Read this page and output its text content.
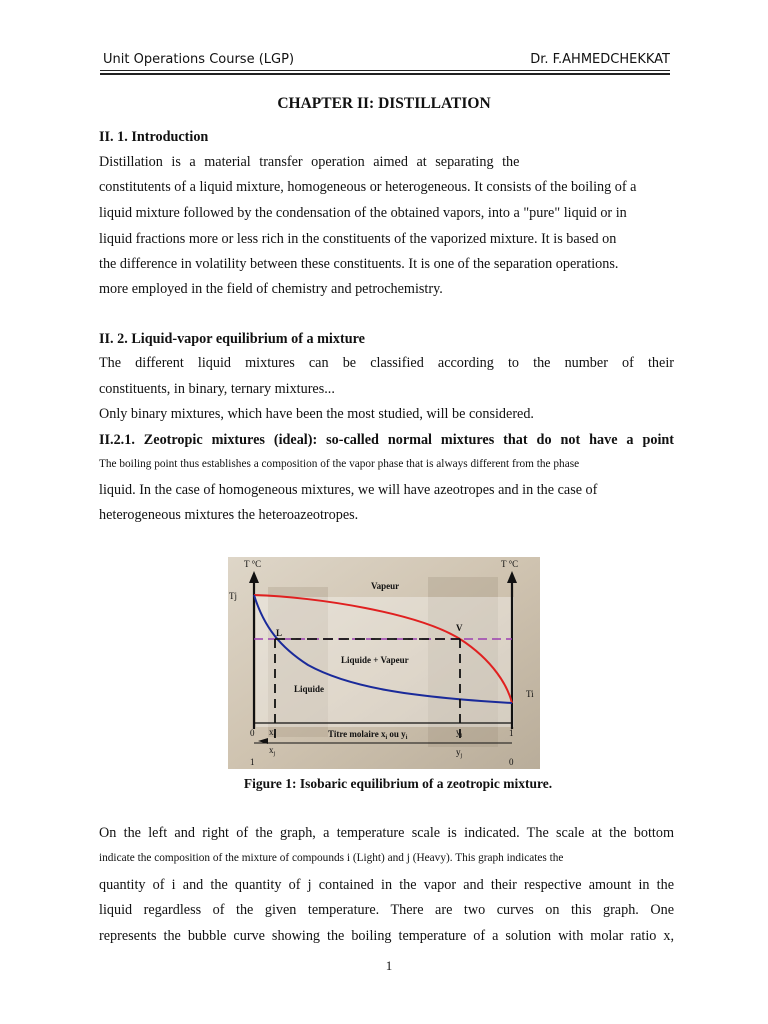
Unit Operations Course (LGP)	Dr. F.AHMEDCHEKKAT
CHAPTER II: DISTILLATION
II. 1. Introduction
Distillation is a material transfer operation aimed at separating the
constitutents of a liquid mixture, homogeneous or heterogeneous. It consists of the boiling of a
liquid mixture followed by the condensation of the obtained vapors, into a "pure" liquid or in
liquid fractions more or less rich in the constituents of the vaporized mixture. It is based on
the difference in volatility between these constituents. It is one of the separation operations.
more employed in the field of chemistry and petrochemistry.
II. 2. Liquid-vapor equilibrium of a mixture
The different liquid mixtures can be classified according to the number of their
constituents, in binary, ternary mixtures...
Only binary mixtures, which have been the most studied, will be considered.
II.2.1. Zeotropic mixtures (ideal): so-called normal mixtures that do not have a point
The boiling point thus establishes a composition of the vapor phase that is always different from the phase
liquid. In the case of homogeneous mixtures, we will have azeotropes and in the case of
heterogeneous mixtures the heteroazeotropes.
T °C	T °C
Tj
Ti
Vapeur
Liquide + Vapeur
Liquide
L	V
0	1
1	0
$x_i$
$x_j$
$y_i$
$y_j$
Titre molaire $x_i$ ou $y_i$
Figure 1: Isobaric equilibrium of a zeotropic mixture.
On the left and right of the graph, a temperature scale is indicated. The scale at the bottom
indicate the composition of the mixture of compounds i (Light) and j (Heavy). This graph indicates the
quantity of i and the quantity of j contained in the vapor and their respective amount in the
liquid regardless of the given temperature. There are two curves on this graph. One
represents the bubble curve showing the boiling temperature of a solution with molar ratio x,
1
